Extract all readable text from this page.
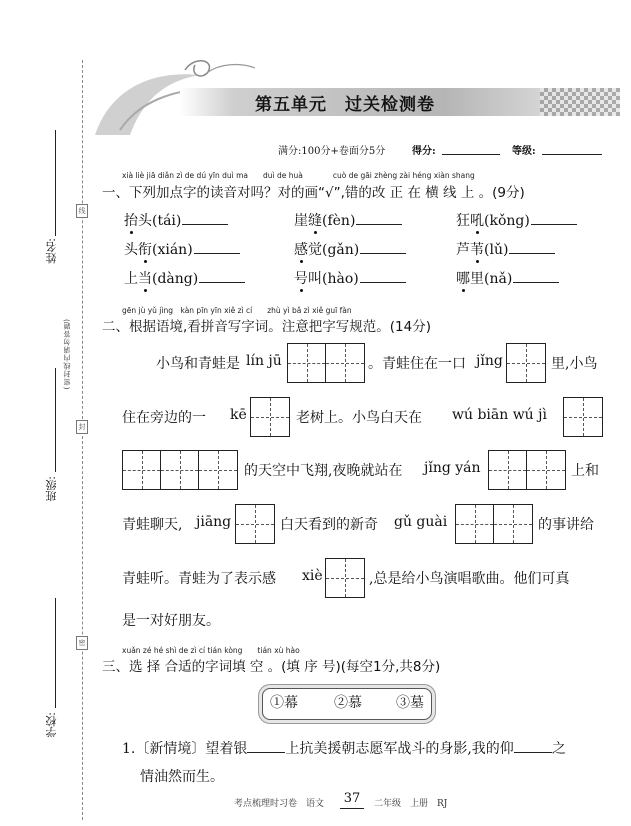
线
封
密
(密封线内请勿答题)
姓名:
班级:
学校:
第五单元　过关检测卷
满分:100分+卷面分5分	得分:	等级:
xià liè jiā diǎn zì de dú yīn duì ma　　duì de huà　　　　cuò de gāi zhèng zài héng xiàn shang
一、下列加点字的读音对吗？对的画“√”,错的改 正 在 横 线 上 。(9分)
抬头(tái)	崖缝(fèn)	狂吼(kǒng)
头衔(xián)	感觉(gǎn)	芦苇(lǔ)
上当(dàng)	号叫(hào)	哪里(nǎ)
gēn jù yǔ jìng　kàn pīn yīn xiě zì cí　　zhù yì bǎ zì xiě guī fàn
二、根据语境,看拼音写字词。注意把字写规范。(14分)
小鸟和青蛙是 lín jū	。青蛙住在一口 jǐng	里,小鸟
住在旁边的一 kē	老树上。小鸟白天在 wú biān wú jì
的天空中飞翔,夜晚就站在 jǐng yán	上和
青蛙聊天, jiāng	白天看到的新奇 gǔ guài	的事讲给
青蛙听。青蛙为了表示感 xiè	,总是给小鸟演唱歌曲。他们可真
是一对好朋友。
xuǎn zé hé shì de zì cí tián kòng　　tián xù hào
三、选 择 合适的字词填 空 。(填 序 号)(每空1分,共8分)
①幕	②慕 ③墓
1.〔新情境〕望着银	上抗美援朝志愿军战斗的身影,我的仰	之
情油然而生。
考点梳理时习卷　语文 37	二年级　上册　RJ
